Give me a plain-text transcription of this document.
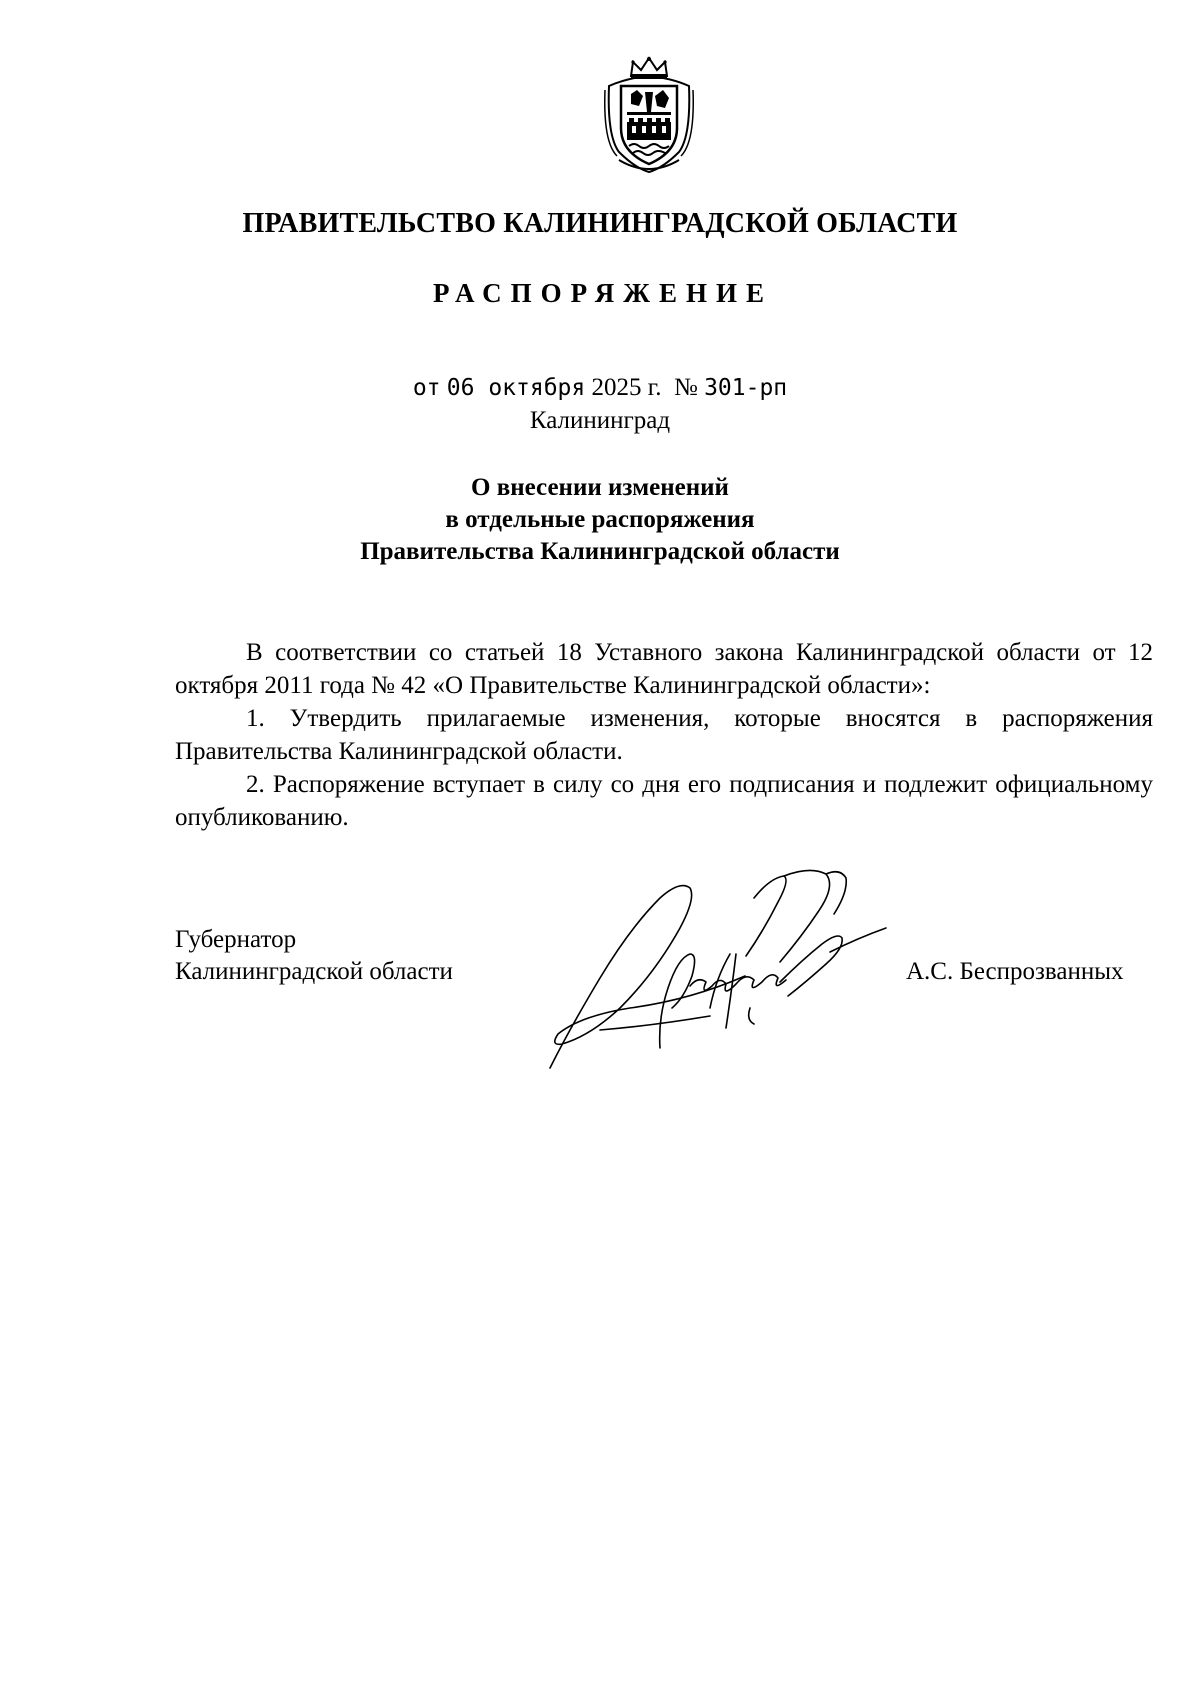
ПРАВИТЕЛЬСТВО КАЛИНИНГРАДСКОЙ ОБЛАСТИ
РАСПОРЯЖЕНИЕ
от 06 октября 2025 г. № 301-рп
Калининград
О внесении изменений
в отдельные распоряжения
Правительства Калининградской области

В соответствии со статьей 18 Уставного закона Калининградской области от 12 октября 2011 года № 42 «О Правительстве Калининградской области»:

1. Утвердить прилагаемые изменения, которые вносятся в распоряжения Правительства Калининградской области.

2. Распоряжение вступает в силу со дня его подписания и подлежит официальному опубликованию.

Губернатор
Калининградской области	А.С. Беспрозванных
